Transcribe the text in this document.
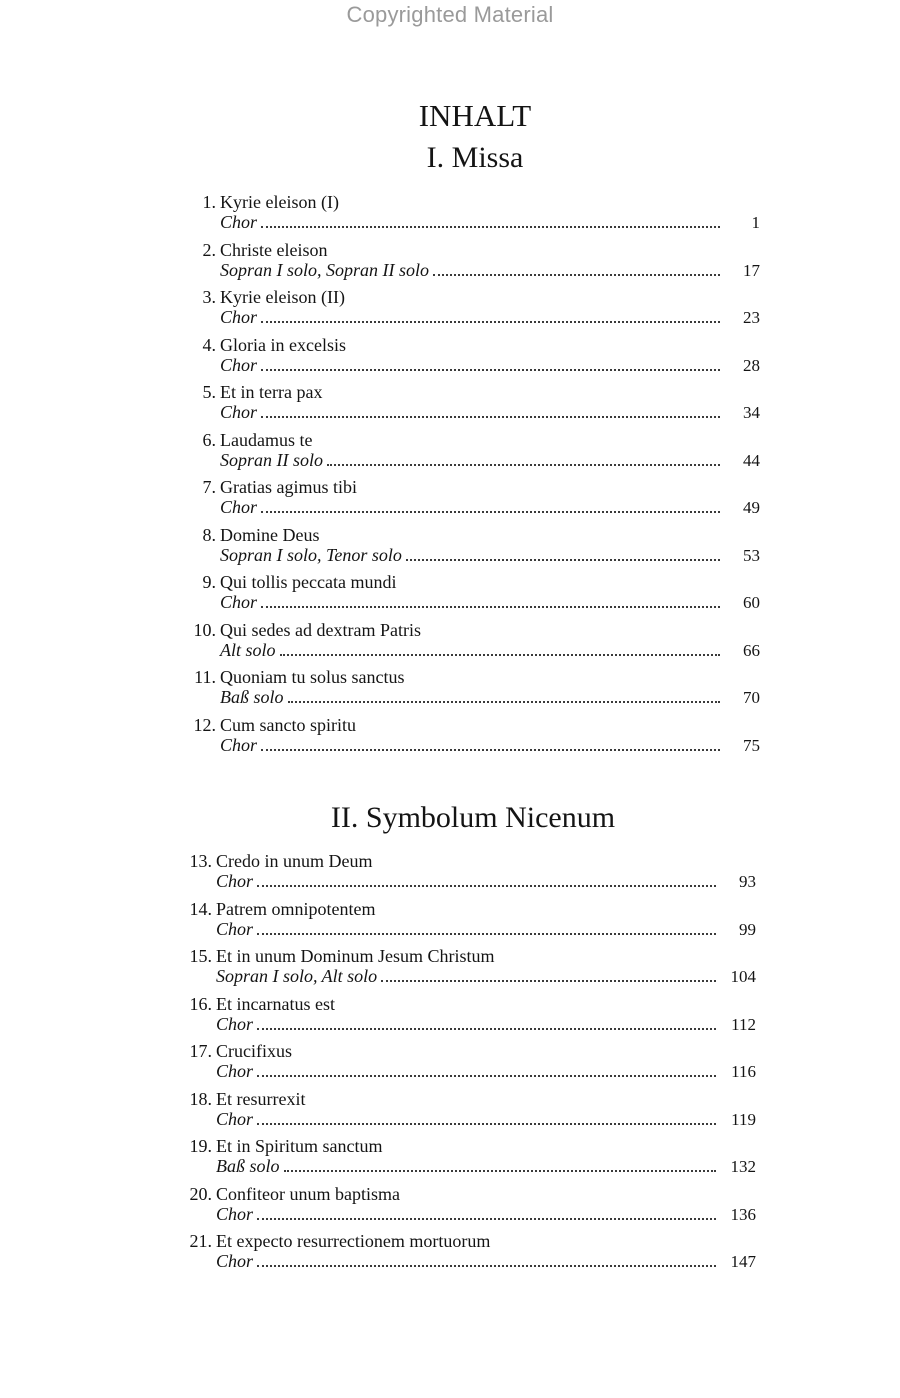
Copyrighted Material
INHALT
I. Missa
1. Kyrie eleison (I)
Chor	1
2. Christe eleison
Sopran I solo, Sopran II solo	17
3. Kyrie eleison (II)
Chor	23
4. Gloria in excelsis
Chor	28
5. Et in terra pax
Chor	34
6. Laudamus te
Sopran II solo	44
7. Gratias agimus tibi
Chor	49
8. Domine Deus
Sopran I solo, Tenor solo	53
9. Qui tollis peccata mundi
Chor	60
10. Qui sedes ad dextram Patris
Alt solo	66
11. Quoniam tu solus sanctus
Baß solo	70
12. Cum sancto spiritu
Chor	75
II. Symbolum Nicenum
13. Credo in unum Deum
Chor	93
14. Patrem omnipotentem
Chor	99
15. Et in unum Dominum Jesum Christum
Sopran I solo, Alt solo	104
16. Et incarnatus est
Chor	112
17. Crucifixus
Chor	116
18. Et resurrexit
Chor	119
19. Et in Spiritum sanctum
Baß solo	132
20. Confiteor unum baptisma
Chor	136
21. Et expecto resurrectionem mortuorum
Chor	147
